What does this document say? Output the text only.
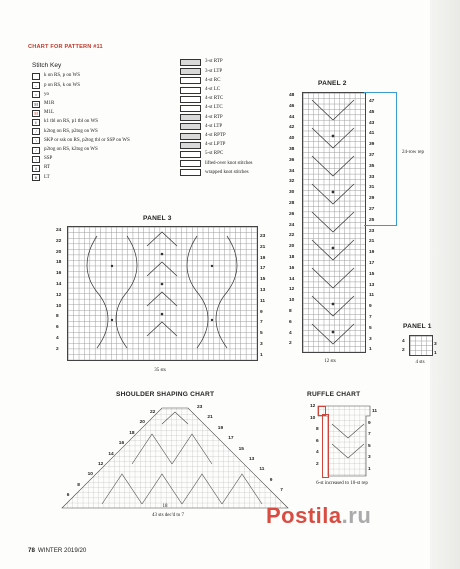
CHART FOR PATTERN #11
Stitch Key
k on RS, p on WS
–	p on RS, k on WS
○	yo
M	M1R
M	M1L
ℓ	k1 tbl on RS, p1 tbl on WS
/	k2tog on RS, p2tog on WS
\	SKP or ssk on RS, p2tog tbl or SSP on WS
/	p2tog on RS, k2tog on WS
\	SSP
⤫	RT
⤪	LT
3-st RTP
3-st LTP
4-st RC
4-st LC
4-st RTC
4-st LTC
4-st RTP
4-st LTP
4-st RPTP
4-st LPTP
5-st RPC
lifted-over knot stitches
wrapped knot stitches
PANEL 2
48
46
44
42
40
38
36
34
32
30
28
26
24
22
20
18
16
14
12
10
8
6
4
2
47
45
43
41
39
37
35
33
31
29
27
25
23
21
19
17
15
13
11
9
7
5
3
1
24-row rep
12 sts
PANEL 1
4
2
3
1
4 sts
PANEL 3
24
22
20
18
16
14
12
10
8
6
4
2
23
21
19
17
15
13
11
9
7
5
3
1
35 sts
SHOULDER SHAPING CHART
22
20
18
16
14
12
10
8
6
23
21
19
17
15
13
11
9
7
18
43 sts dec'd to 7
RUFFLE CHART
12
10
8
6
4
2
11
9
7
5
3
1
6-st increased to 10-st rep
Postila.ru
78 WINTER 2019/20
